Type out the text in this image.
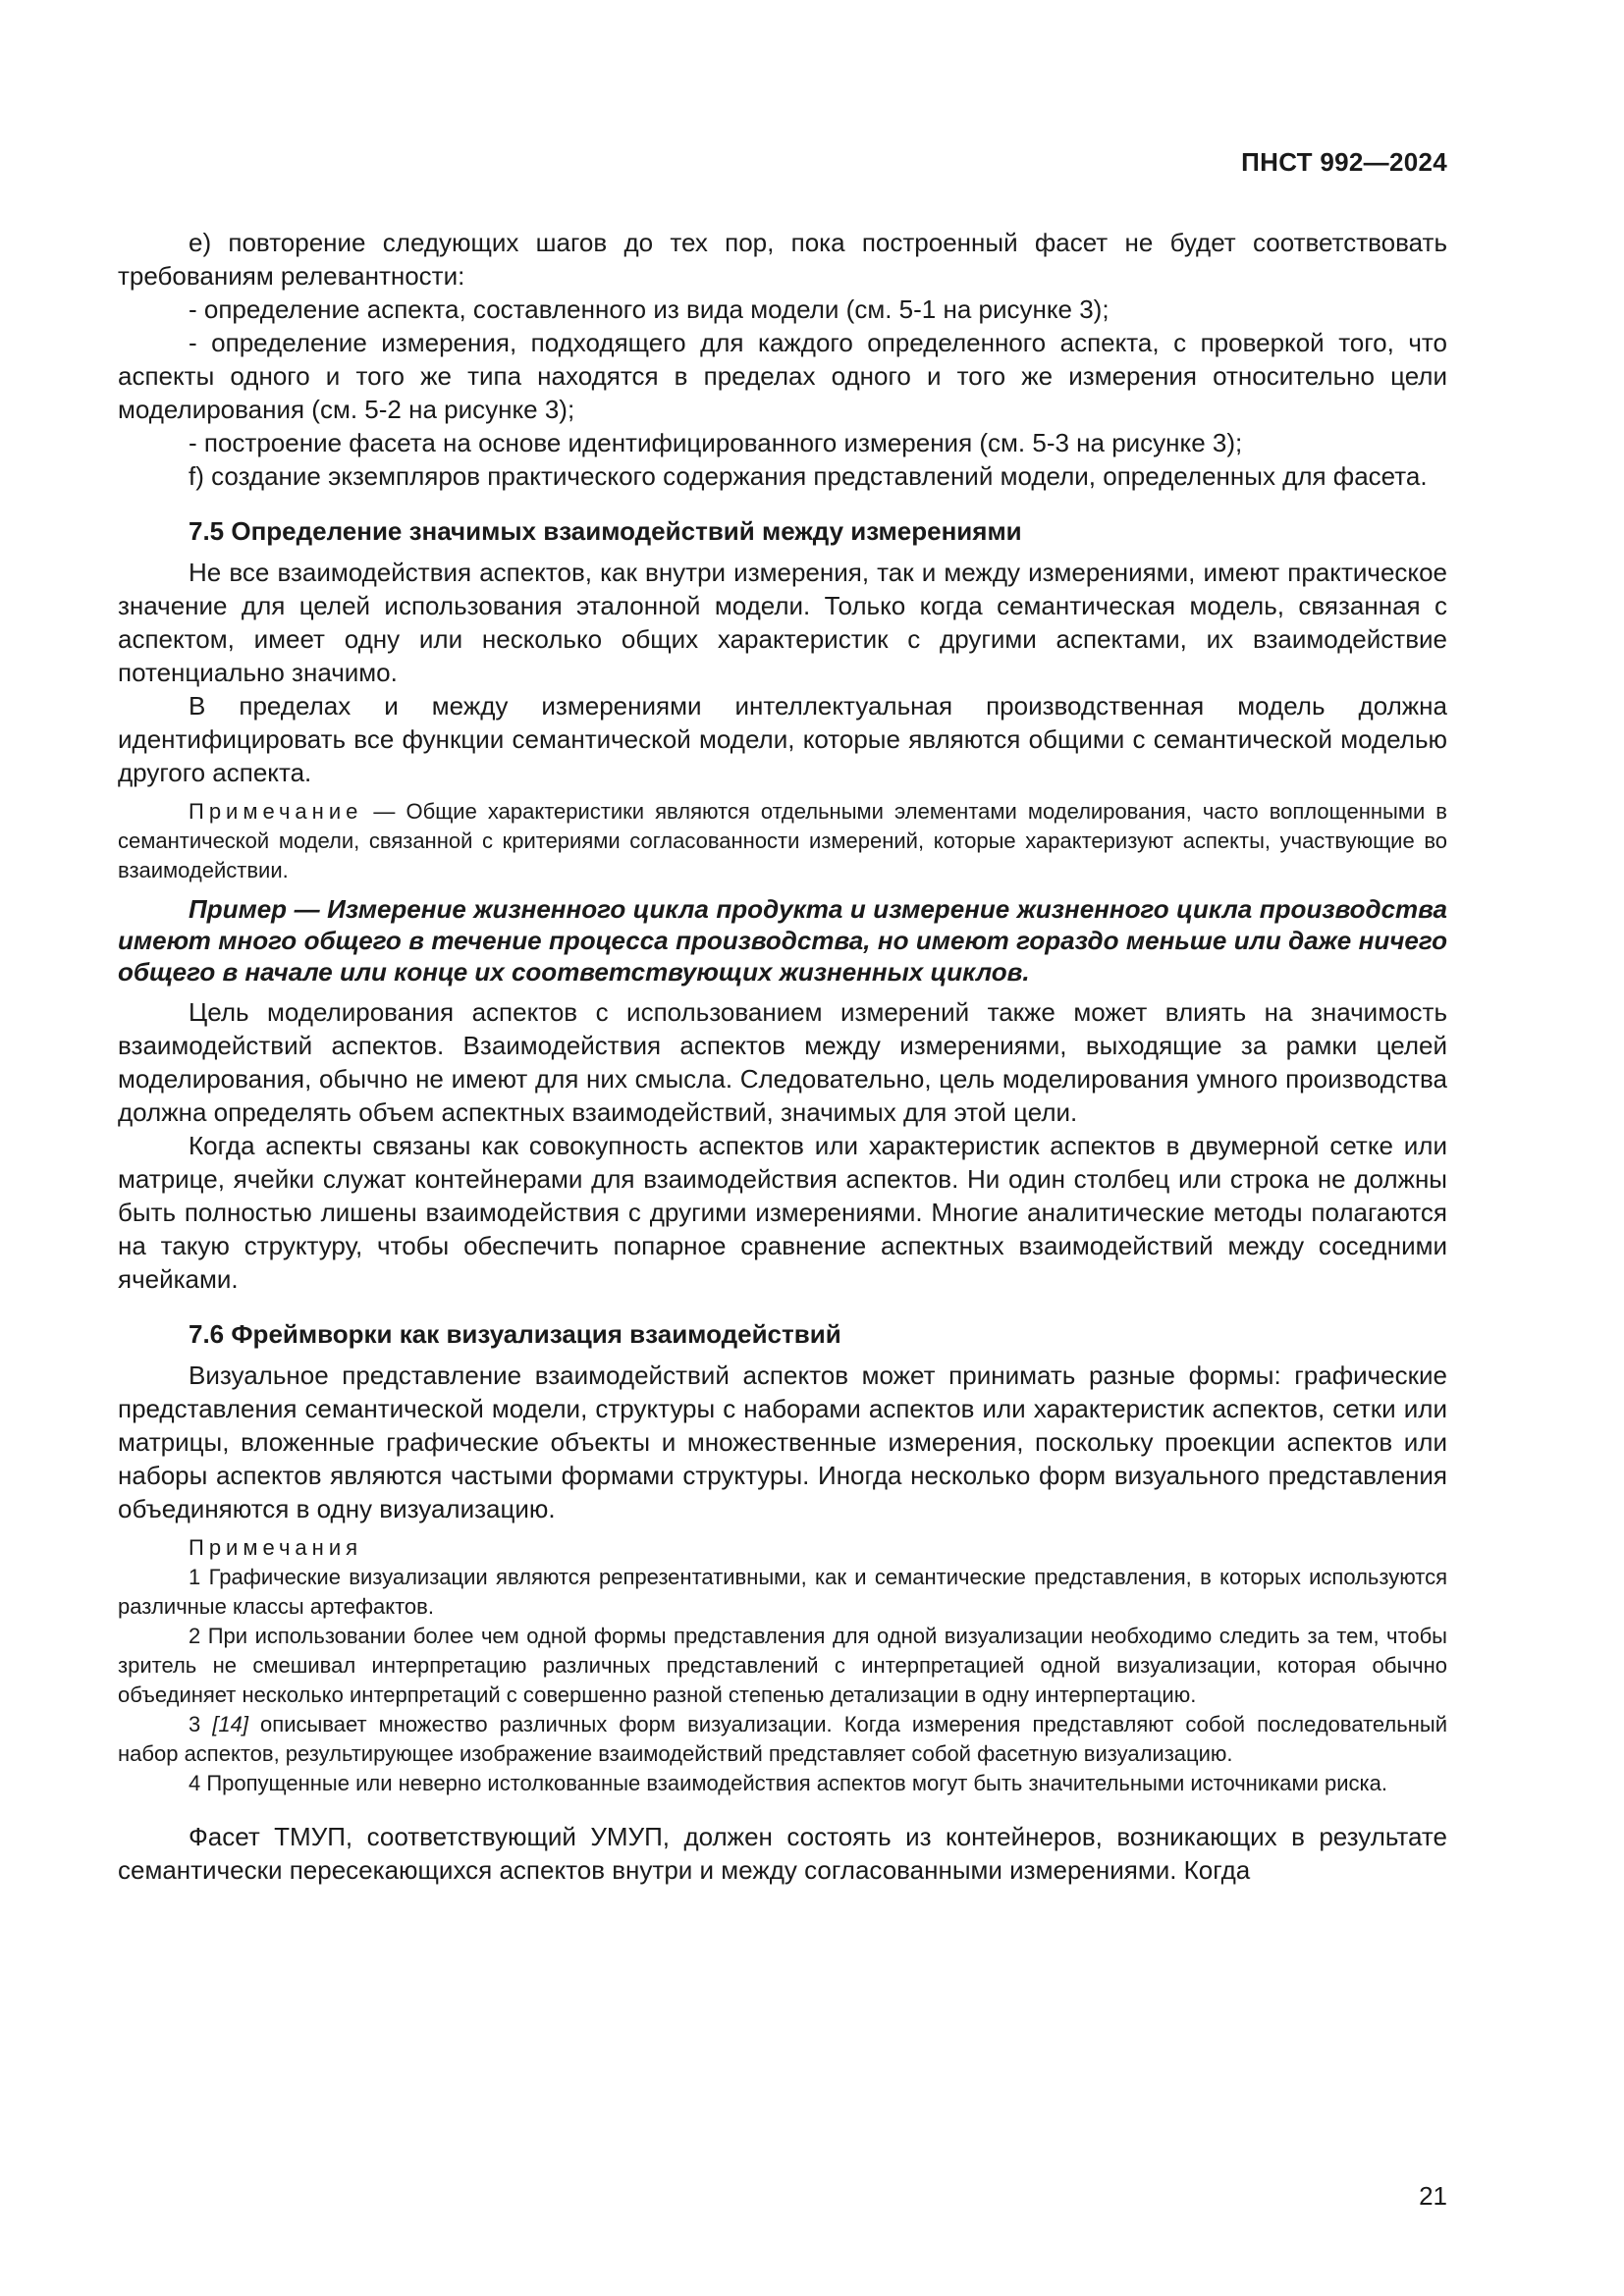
ПНСТ 992—2024

е) повторение следующих шагов до тех пор, пока построенный фасет не будет соответствовать требованиям релевантности:

- определение аспекта, составленного из вида модели (см. 5-1 на рисунке 3);

- определение измерения, подходящего для каждого определенного аспекта, с проверкой того, что аспекты одного и того же типа находятся в пределах одного и того же измерения относительно цели моделирования (см. 5-2 на рисунке 3);

- построение фасета на основе идентифицированного измерения (см. 5-3 на рисунке 3);

f) создание экземпляров практического содержания представлений модели, определенных для фасета.

7.5 Определение значимых взаимодействий между измерениями

Не все взаимодействия аспектов, как внутри измерения, так и между измерениями, имеют практическое значение для целей использования эталонной модели. Только когда семантическая модель, связанная с аспектом, имеет одну или несколько общих характеристик с другими аспектами, их взаимодействие потенциально значимо.

В пределах и между измерениями интеллектуальная производственная модель должна идентифицировать все функции семантической модели, которые являются общими с семантической моделью другого аспекта.

Примечание — Общие характеристики являются отдельными элементами моделирования, часто воплощенными в семантической модели, связанной с критериями согласованности измерений, которые характеризуют аспекты, участвующие во взаимодействии.

Пример — Измерение жизненного цикла продукта и измерение жизненного цикла производства имеют много общего в течение процесса производства, но имеют гораздо меньше или даже ничего общего в начале или конце их соответствующих жизненных циклов.

Цель моделирования аспектов с использованием измерений также может влиять на значимость взаимодействий аспектов. Взаимодействия аспектов между измерениями, выходящие за рамки целей моделирования, обычно не имеют для них смысла. Следовательно, цель моделирования умного производства должна определять объем аспектных взаимодействий, значимых для этой цели.

Когда аспекты связаны как совокупность аспектов или характеристик аспектов в двумерной сетке или матрице, ячейки служат контейнерами для взаимодействия аспектов. Ни один столбец или строка не должны быть полностью лишены взаимодействия с другими измерениями. Многие аналитические методы полагаются на такую структуру, чтобы обеспечить попарное сравнение аспектных взаимодействий между соседними ячейками.

7.6 Фреймворки как визуализация взаимодействий

Визуальное представление взаимодействий аспектов может принимать разные формы: графические представления семантической модели, структуры с наборами аспектов или характеристик аспектов, сетки или матрицы, вложенные графические объекты и множественные измерения, поскольку проекции аспектов или наборы аспектов являются частыми формами структуры. Иногда несколько форм визуального представления объединяются в одну визуализацию.

Примечания

1 Графические визуализации являются репрезентативными, как и семантические представления, в которых используются различные классы артефактов.

2 При использовании более чем одной формы представления для одной визуализации необходимо следить за тем, чтобы зритель не смешивал интерпретацию различных представлений с интерпретацией одной визуализации, которая обычно объединяет несколько интерпретаций с совершенно разной степенью детализации в одну интерпертацию.

3 [14] описывает множество различных форм визуализации. Когда измерения представляют собой последовательный набор аспектов, результирующее изображение взаимодействий представляет собой фасетную визуализацию.

4 Пропущенные или неверно истолкованные взаимодействия аспектов могут быть значительными источниками риска.

Фасет ТМУП, соответствующий УМУП, должен состоять из контейнеров, возникающих в результате семантически пересекающихся аспектов внутри и между согласованными измерениями. Когда

21
